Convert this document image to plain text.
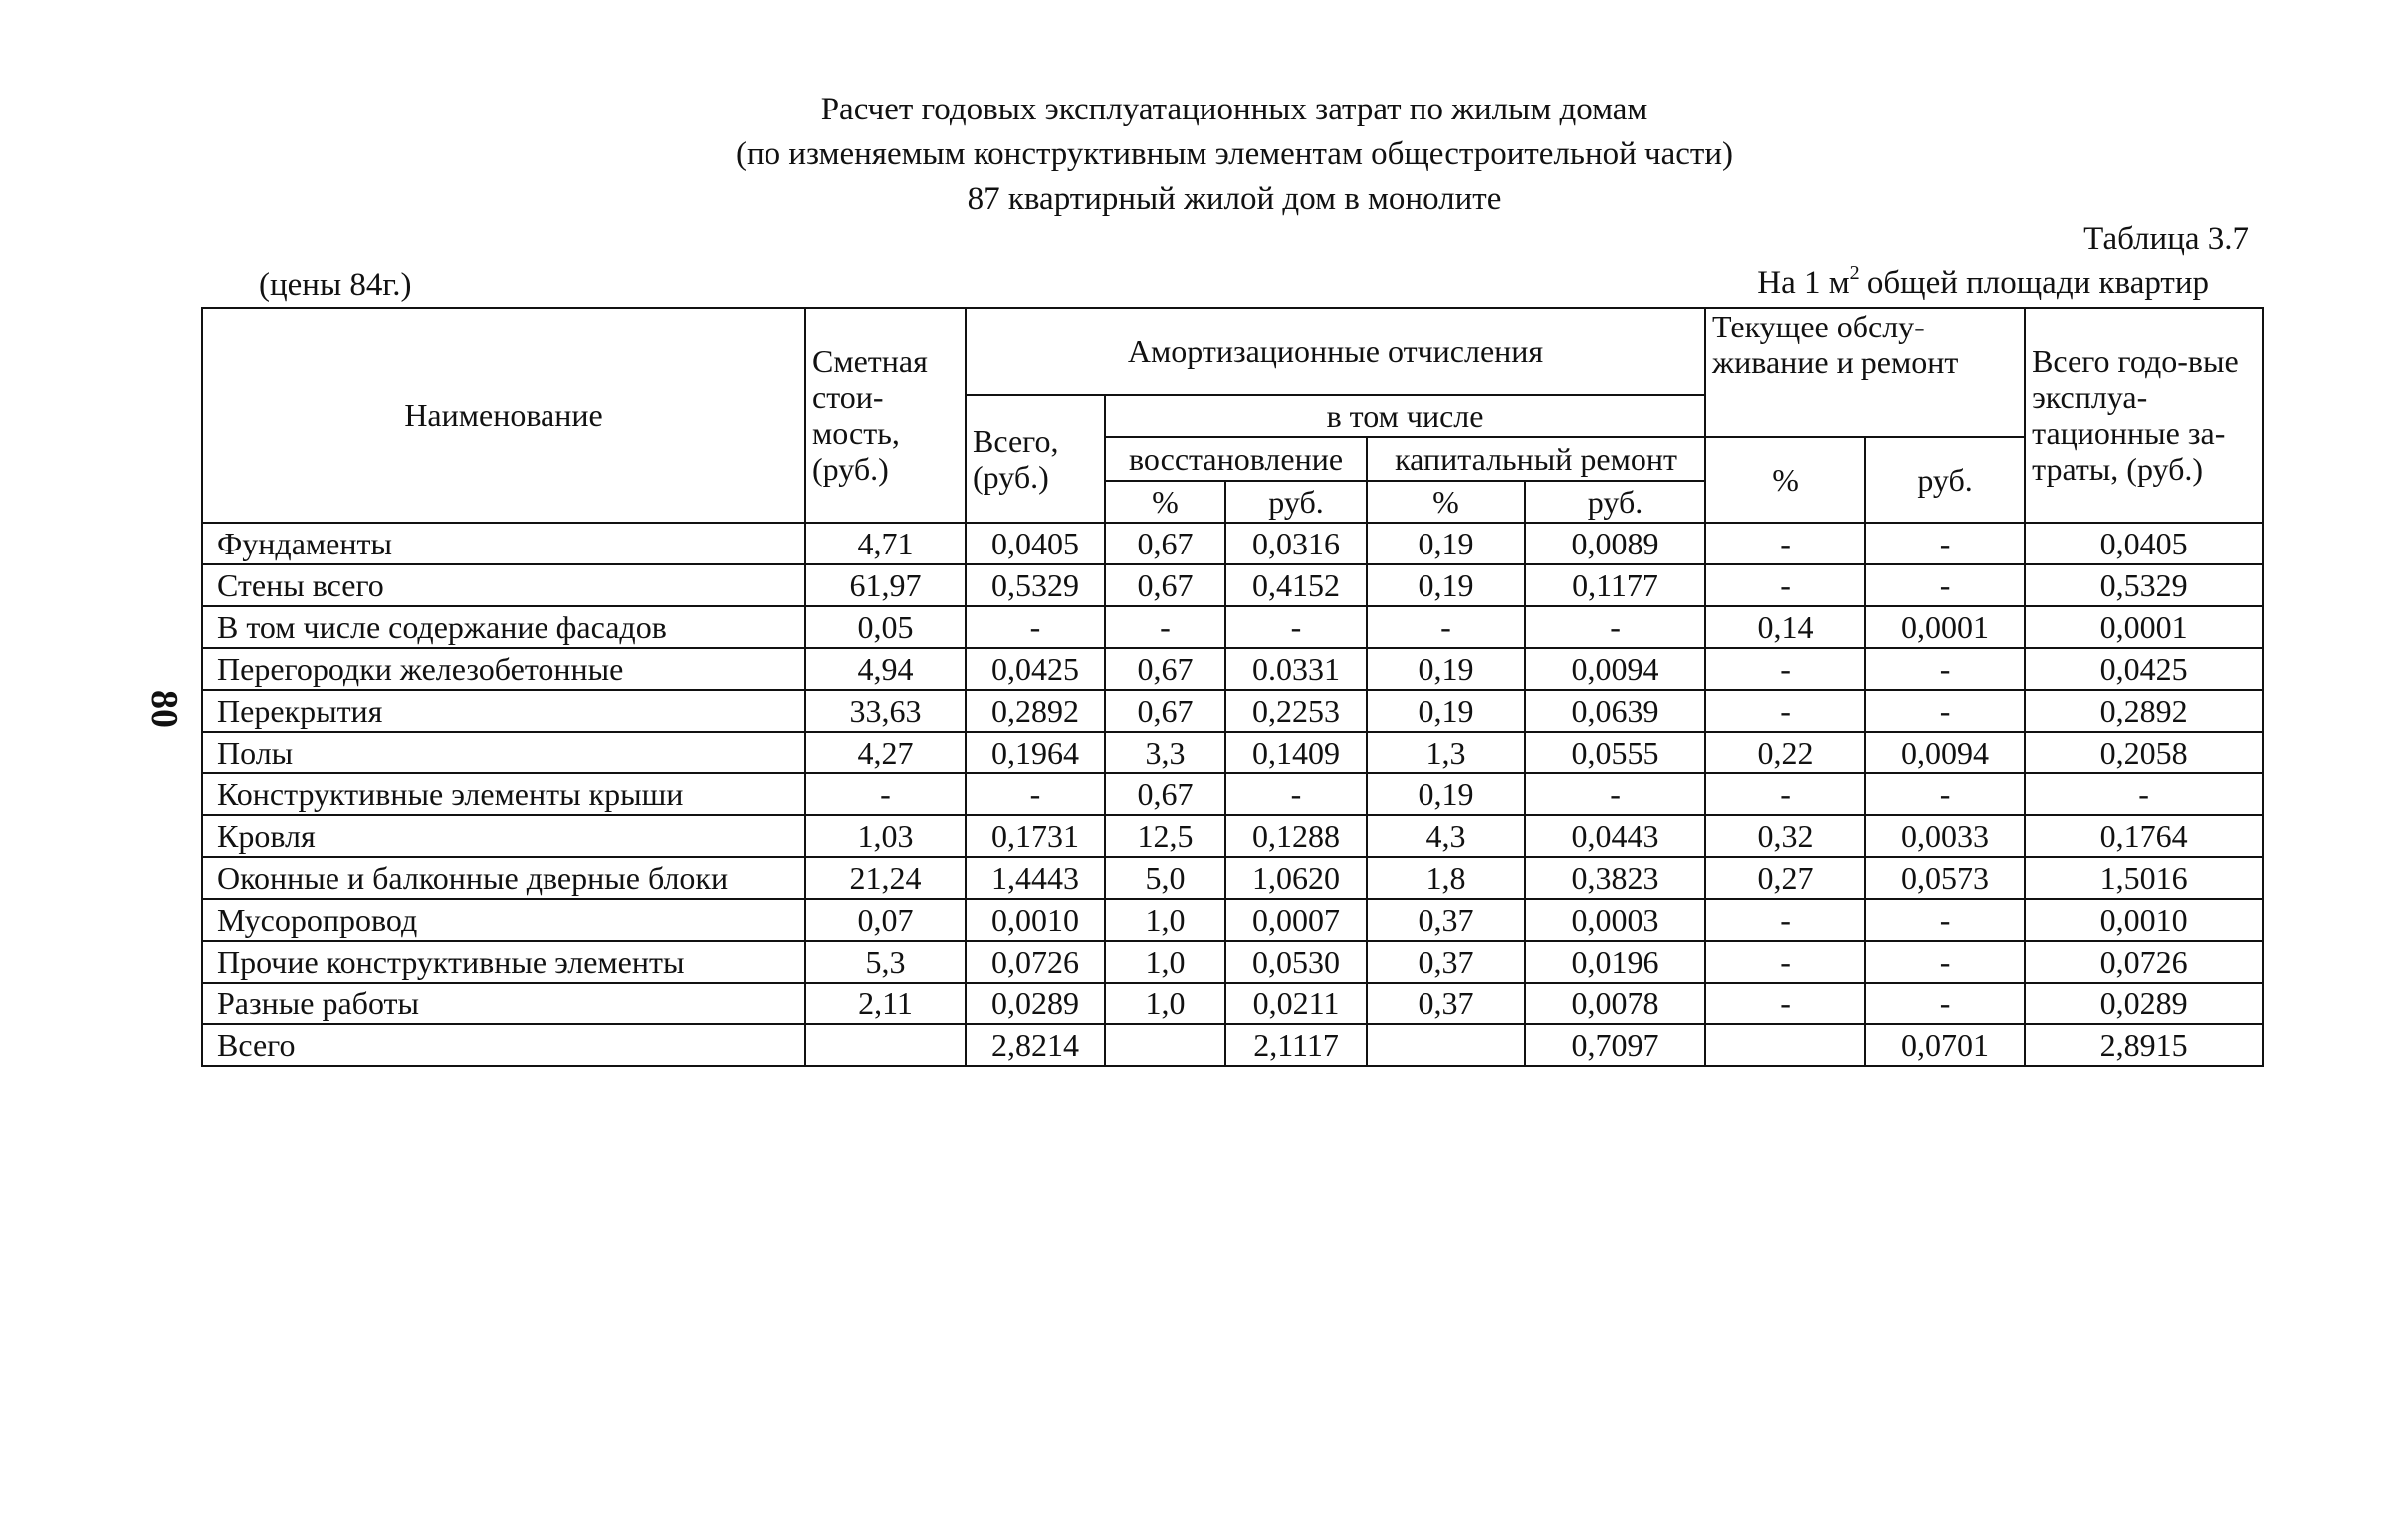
Расчет годовых эксплуатационных затрат по жилым домам
(по изменяемым конструктивным элементам общестроительной части)
87 квартирный жилой дом в монолите
Таблица 3.7
(цены 84г.)	На 1 $м^2$ общей площади квартир
80
Наименование	Сметная стои-мость, (руб.)	Амортизационные отчисления					Текущее обслу-живание и ремонт		Всего годо-вые эксплуа-тационные за-траты, (руб.)
		Всего, (руб.)	в том числе						
			восстановление		капитальный ремонт		%	руб.	
			%	руб.	%	руб.			
Фундаменты	4,71	0,0405	0,67	0,0316	0,19	0,0089	-	-	0,0405
Стены всего	61,97	0,5329	0,67	0,4152	0,19	0,1177	-	-	0,5329
В том числе содержание фасадов	0,05	-	-	-	-	-	0,14	0,0001	0,0001
Перегородки железобетонные	4,94	0,0425	0,67	0.0331	0,19	0,0094	-	-	0,0425
Перекрытия	33,63	0,2892	0,67	0,2253	0,19	0,0639	-	-	0,2892
Полы	4,27	0,1964	3,3	0,1409	1,3	0,0555	0,22	0,0094	0,2058
Конструктивные элементы крыши	-	-	0,67	-	0,19	-	-	-	-
Кровля	1,03	0,1731	12,5	0,1288	4,3	0,0443	0,32	0,0033	0,1764
Оконные и балконные дверные блоки	21,24	1,4443	5,0	1,0620	1,8	0,3823	0,27	0,0573	1,5016
Мусоропровод	0,07	0,0010	1,0	0,0007	0,37	0,0003	-	-	0,0010
Прочие конструктивные элементы	5,3	0,0726	1,0	0,0530	0,37	0,0196	-	-	0,0726
Разные работы	2,11	0,0289	1,0	0,0211	0,37	0,0078	-	-	0,0289
Всего		2,8214		2,1117		0,7097		0,0701	2,8915
